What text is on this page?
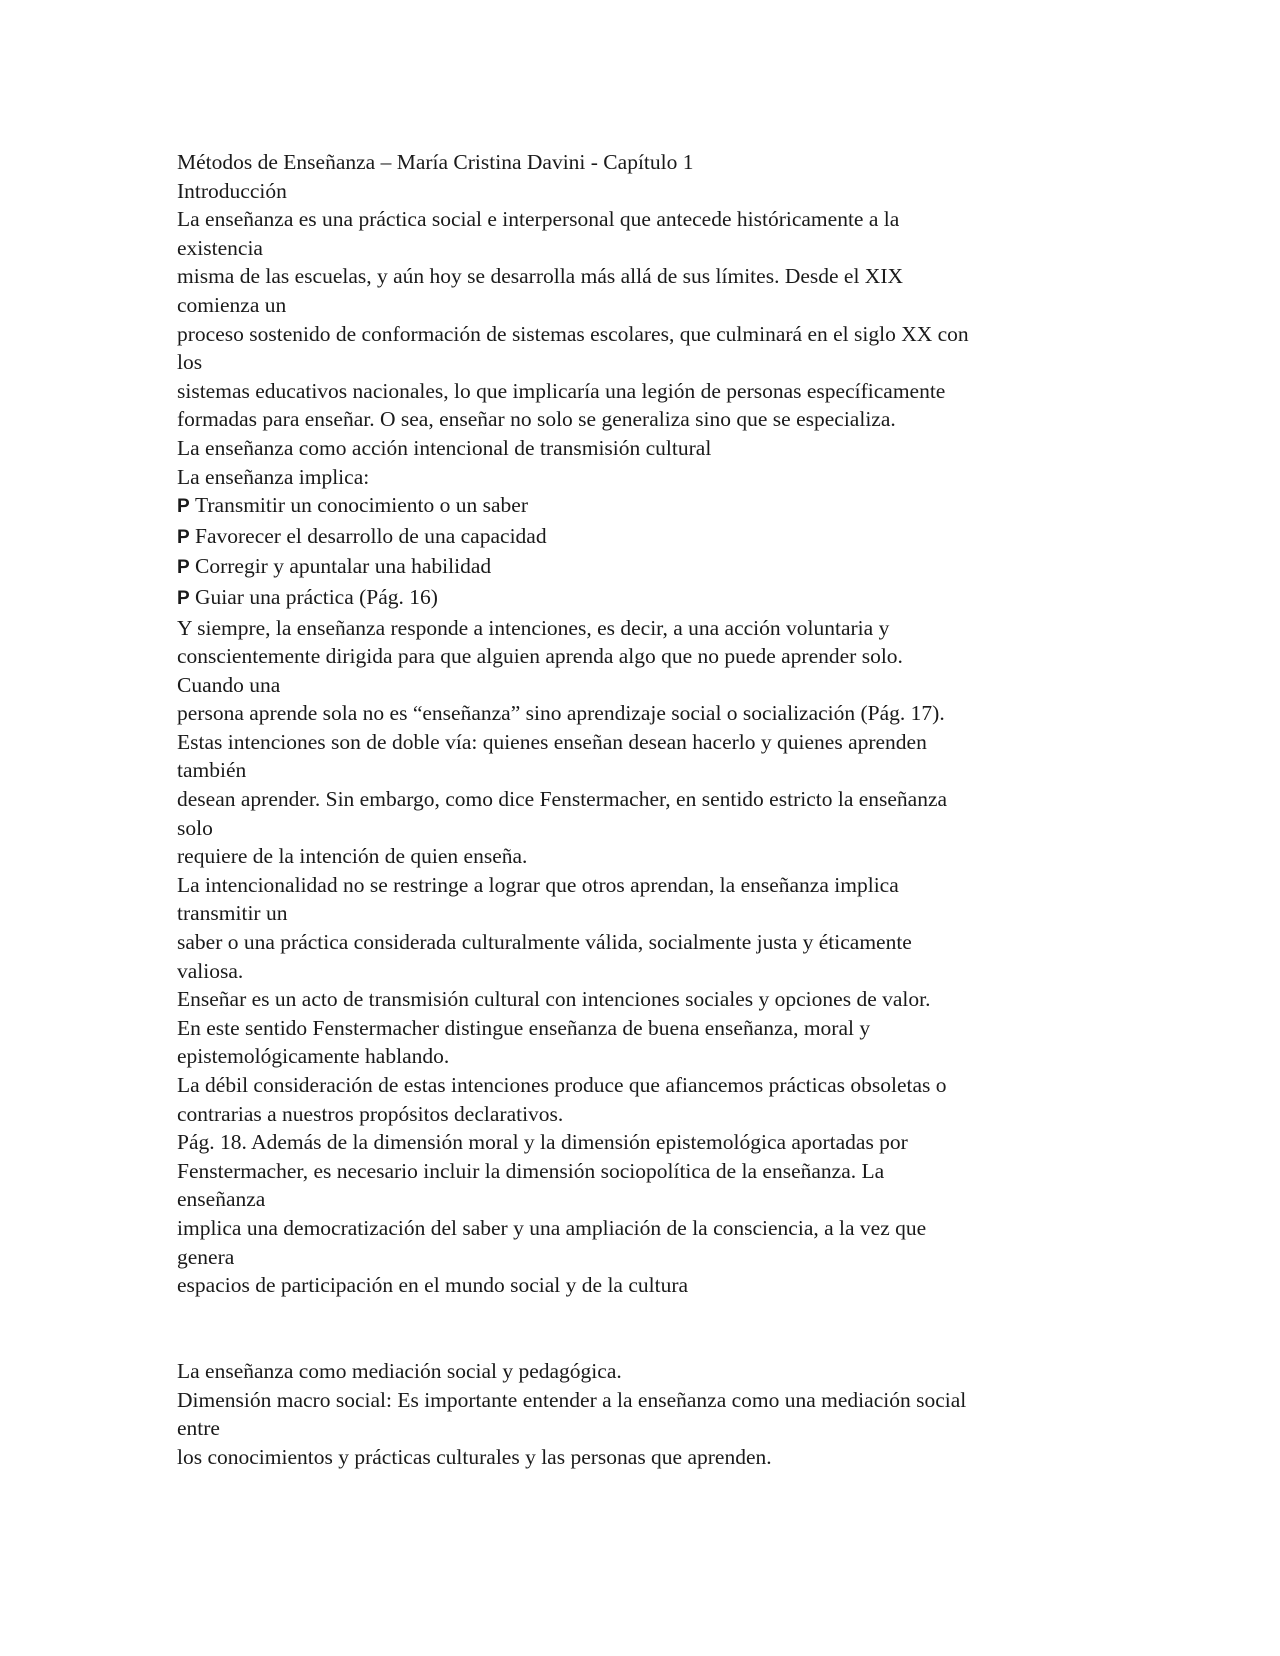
Métodos de Enseñanza – María Cristina Davini - Capítulo 1
Introducción
La enseñanza es una práctica social e interpersonal que antecede históricamente a la
existencia
misma de las escuelas, y aún hoy se desarrolla más allá de sus límites. Desde el XIX
comienza un
proceso sostenido de conformación de sistemas escolares, que culminará en el siglo XX con
los
sistemas educativos nacionales, lo que implicaría una legión de personas específicamente
formadas para enseñar. O sea, enseñar no solo se generaliza sino que se especializa.
La enseñanza como acción intencional de transmisión cultural
La enseñanza implica:
P Transmitir un conocimiento o un saber
P Favorecer el desarrollo de una capacidad
P Corregir y apuntalar una habilidad
P Guiar una práctica (Pág. 16)
Y siempre, la enseñanza responde a intenciones, es decir, a una acción voluntaria y
conscientemente dirigida para que alguien aprenda algo que no puede aprender solo.
Cuando una
persona aprende sola no es “enseñanza” sino aprendizaje social o socialización (Pág. 17).
Estas intenciones son de doble vía: quienes enseñan desean hacerlo y quienes aprenden
también
desean aprender. Sin embargo, como dice Fenstermacher, en sentido estricto la enseñanza
solo
requiere de la intención de quien enseña.
La intencionalidad no se restringe a lograr que otros aprendan, la enseñanza implica
transmitir un
saber o una práctica considerada culturalmente válida, socialmente justa y éticamente
valiosa.
Enseñar es un acto de transmisión cultural con intenciones sociales y opciones de valor.
En este sentido Fenstermacher distingue enseñanza de buena enseñanza, moral y
epistemológicamente hablando.
La débil consideración de estas intenciones produce que afiancemos prácticas obsoletas o
contrarias a nuestros propósitos declarativos.
Pág. 18. Además de la dimensión moral y la dimensión epistemológica aportadas por
Fenstermacher, es necesario incluir la dimensión sociopolítica de la enseñanza. La
enseñanza
implica una democratización del saber y una ampliación de la consciencia, a la vez que
genera
espacios de participación en el mundo social y de la cultura
La enseñanza como mediación social y pedagógica.
Dimensión macro social: Es importante entender a la enseñanza como una mediación social
entre
los conocimientos y prácticas culturales y las personas que aprenden.
